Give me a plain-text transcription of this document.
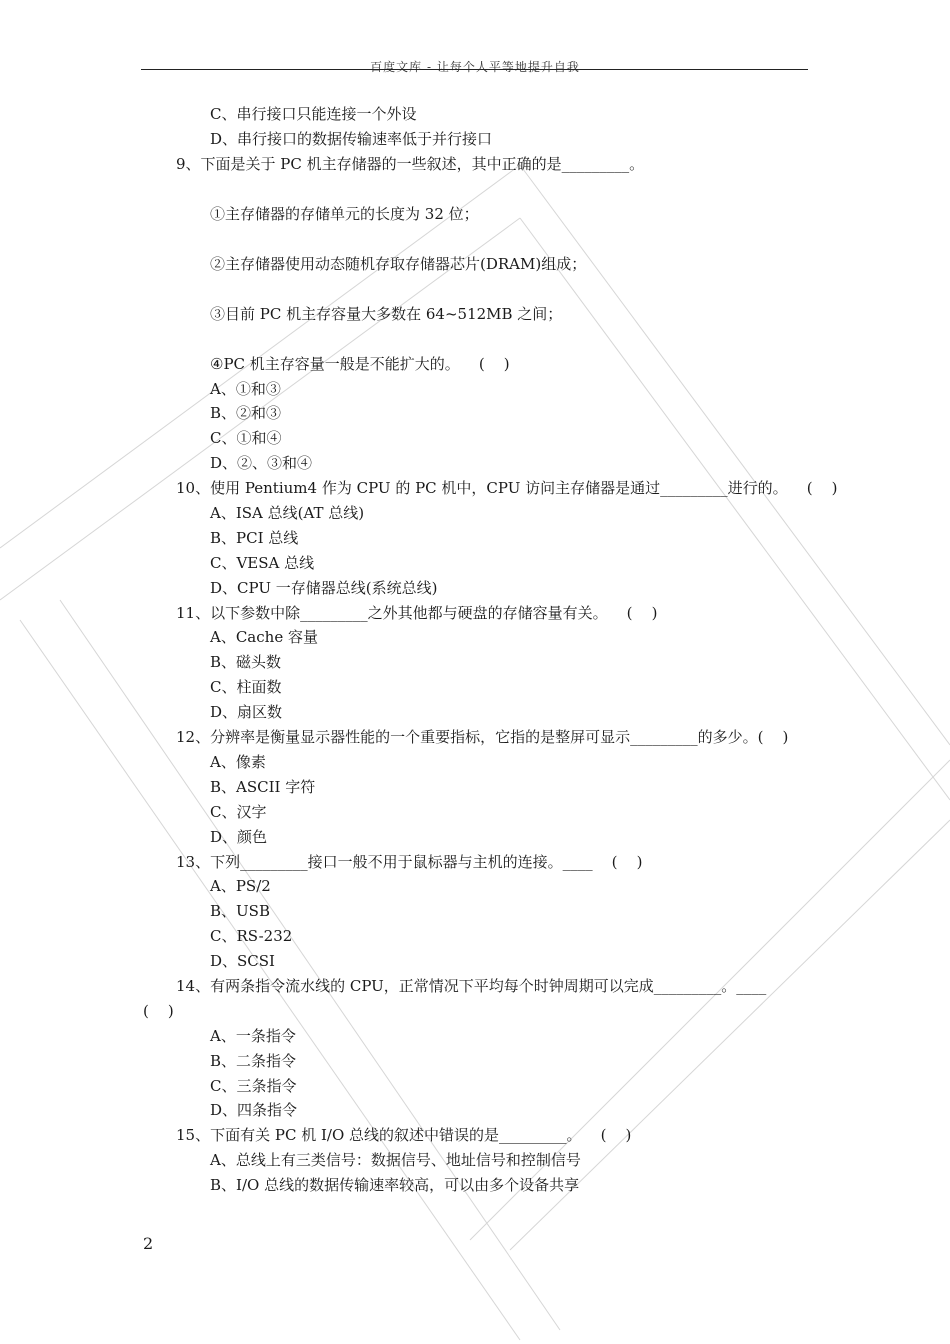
百度文库 - 让每个人平等地提升自我
C、串行接口只能连接一个外设
D、串行接口的数据传输速率低于并行接口
9、下面是关于 PC 机主存储器的一些叙述，其中正确的是_________。
①主存储器的存储单元的长度为 32 位；
②主存储器使用动态随机存取存储器芯片(DRAM)组成；
③目前 PC 机主存容量大多数在 64~512MB 之间；
④PC 机主存容量一般是不能扩大的。    (    )
A、①和③
B、②和③
C、①和④
D、②、③和④
10、使用 Pentium4 作为 CPU 的 PC 机中，CPU 访问主存储器是通过_________进行的。    (    )
A、ISA 总线(AT 总线)
B、PCI 总线
C、VESA 总线
D、CPU 一存储器总线(系统总线)
11、以下参数中除_________之外其他都与硬盘的存储容量有关。    (    )
A、Cache 容量
B、磁头数
C、柱面数
D、扇区数
12、分辨率是衡量显示器性能的一个重要指标，它指的是整屏可显示_________的多少。(    )
A、像素
B、ASCII 字符
C、汉字
D、颜色
13、下列_________接口一般不用于鼠标器与主机的连接。____    (    )
A、PS/2
B、USB
C、RS-232
D、SCSI
14、有两条指令流水线的 CPU，正常情况下平均每个时钟周期可以完成_________。____
(    )
A、一条指令
B、二条指令
C、三条指令
D、四条指令
15、下面有关 PC 机 I/O 总线的叙述中错误的是_________。    (    )
A、总线上有三类信号：数据信号、地址信号和控制信号
B、I/O 总线的数据传输速率较高，可以由多个设备共享
2
